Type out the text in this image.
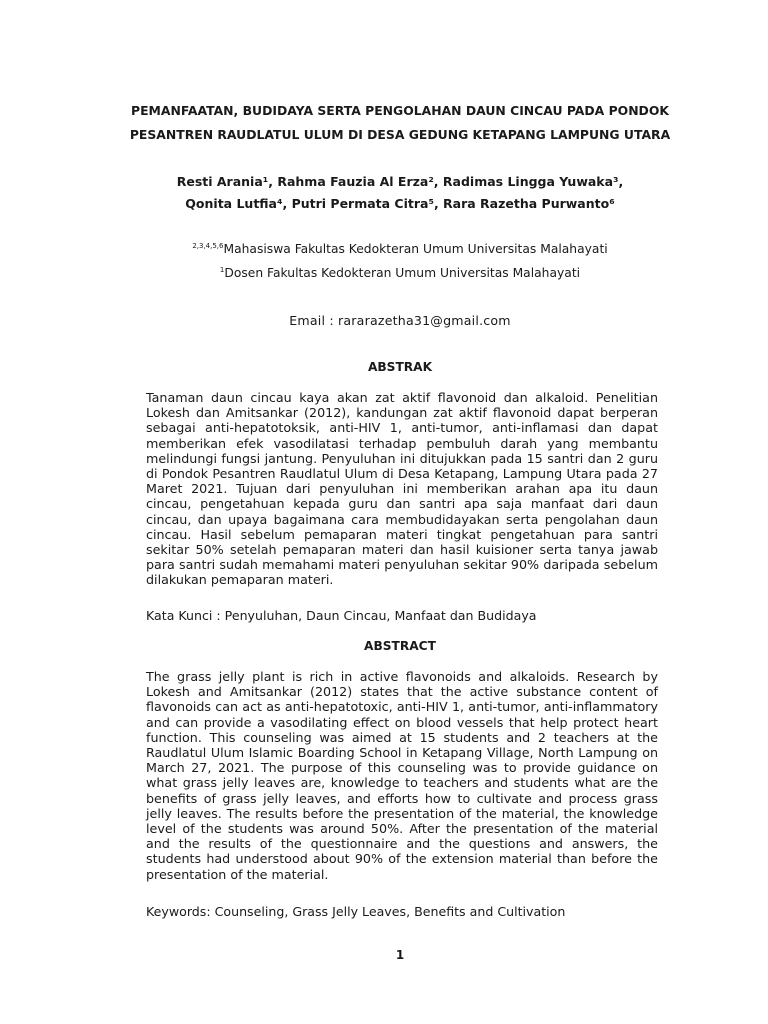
PEMANFAATAN, BUDIDAYA SERTA PENGOLAHAN DAUN CINCAU PADA PONDOK
PESANTREN RAUDLATUL ULUM DI DESA GEDUNG KETAPANG LAMPUNG UTARA
Resti Arania¹, Rahma Fauzia Al Erza², Radimas Lingga Yuwaka³,
Qonita Lutfia⁴, Putri Permata Citra⁵, Rara Razetha Purwanto⁶
$^{2,3,4,5,6}$Mahasiswa Fakultas Kedokteran Umum Universitas Malahayati
$^1$Dosen Fakultas Kedokteran Umum Universitas Malahayati
Email : rararazetha31@gmail.com
ABSTRAK

Tanaman daun cincau kaya akan zat aktif flavonoid dan alkaloid. Penelitian Lokesh dan Amitsankar (2012), kandungan zat aktif flavonoid dapat berperan sebagai anti-hepatotoksik, anti-HIV 1, anti-tumor, anti-inflamasi dan dapat memberikan efek vasodilatasi terhadap pembuluh darah yang membantu melindungi fungsi jantung. Penyuluhan ini ditujukkan pada 15 santri dan 2 guru di Pondok Pesantren Raudlatul Ulum di Desa Ketapang, Lampung Utara pada 27 Maret 2021. Tujuan dari penyuluhan ini memberikan arahan apa itu daun cincau, pengetahuan kepada guru dan santri apa saja manfaat dari daun cincau, dan upaya bagaimana cara membudidayakan serta pengolahan daun cincau. Hasil sebelum pemaparan materi tingkat pengetahuan para santri sekitar 50% setelah pemaparan materi dan hasil kuisioner serta tanya jawab para santri sudah memahami materi penyuluhan sekitar 90% daripada sebelum dilakukan pemaparan materi.

Kata Kunci : Penyuluhan, Daun Cincau, Manfaat dan Budidaya
ABSTRACT

The grass jelly plant is rich in active flavonoids and alkaloids. Research by Lokesh and Amitsankar (2012) states that the active substance content of flavonoids can act as anti-hepatotoxic, anti-HIV 1, anti-tumor, anti-inflammatory and can provide a vasodilating effect on blood vessels that help protect heart function. This counseling was aimed at 15 students and 2 teachers at the Raudlatul Ulum Islamic Boarding School in Ketapang Village, North Lampung on March 27, 2021. The purpose of this counseling was to provide guidance on what grass jelly leaves are, knowledge to teachers and students what are the benefits of grass jelly leaves, and efforts how to cultivate and process grass jelly leaves. The results before the presentation of the material, the knowledge level of the students was around 50%. After the presentation of the material and the results of the questionnaire and the questions and answers, the students had understood about 90% of the extension material than before the presentation of the material.

Keywords: Counseling, Grass Jelly Leaves, Benefits and Cultivation
1
